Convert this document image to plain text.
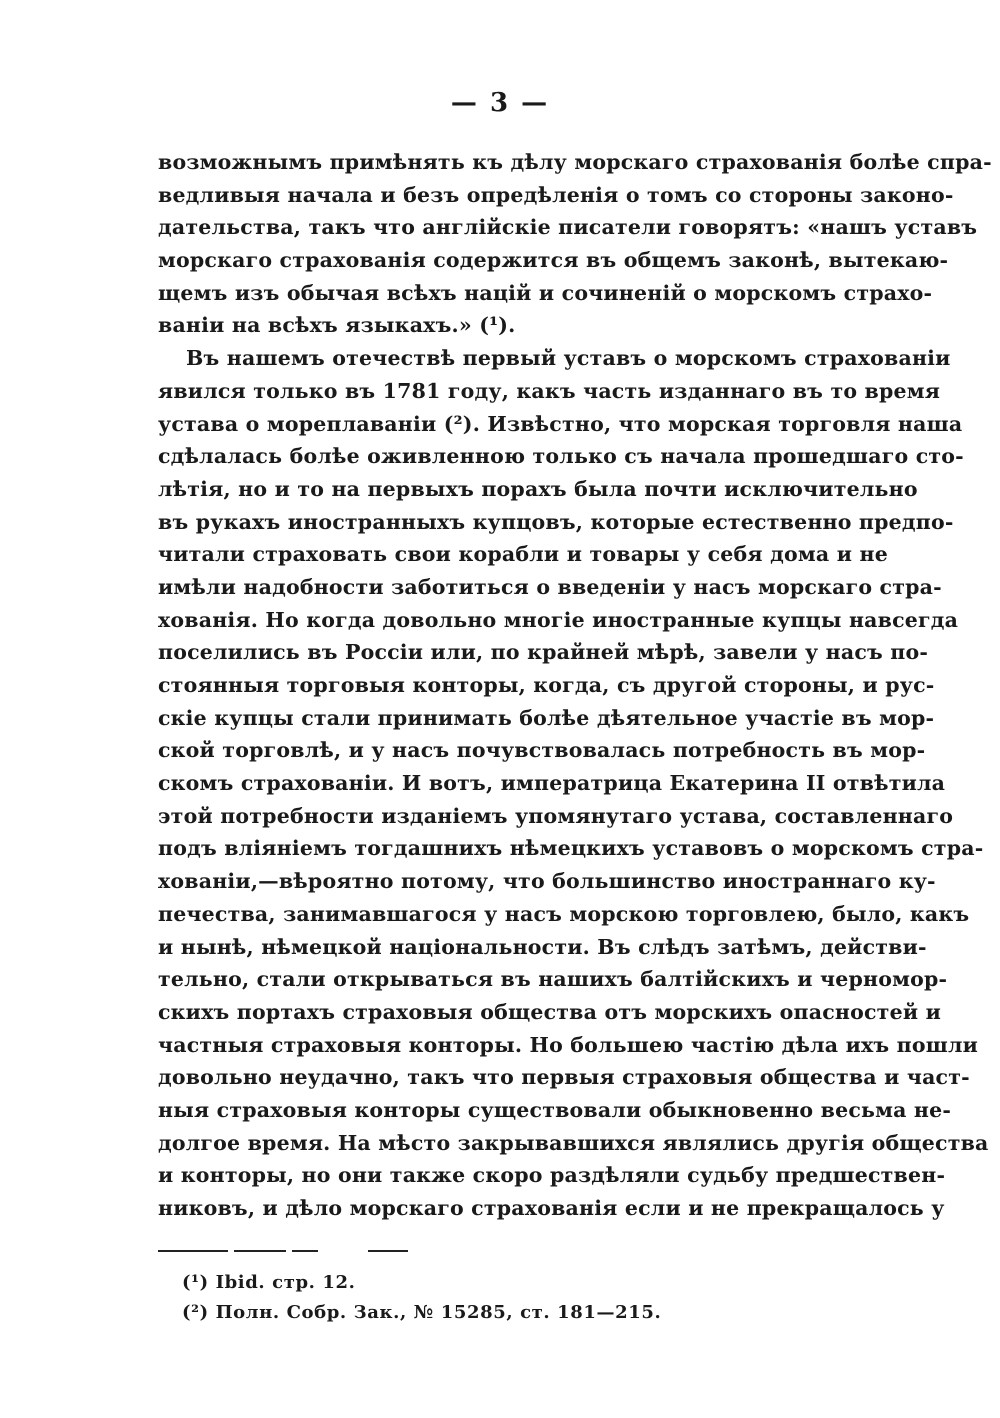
— 3 —
возможнымъ примѣнять къ дѣлу морскаго страхованія болѣе спра-
ведливыя начала и безъ опредѣленія о томъ со стороны законо-
дательства, такъ что англійскіе писатели говорятъ: «нашъ уставъ
морскаго страхованія содержится въ общемъ законѣ, вытекаю-
щемъ изъ обычая всѣхъ націй и сочиненій о морскомъ страхо-
ваніи на всѣхъ языкахъ.» (¹).
Въ нашемъ отечествѣ первый уставъ о морскомъ страхованіи
явился только въ 1781 году, какъ часть изданнаго въ то время
устава о мореплаваніи (²). Извѣстно, что морская торговля наша
сдѣлалась болѣе оживленною только съ начала прошедшаго сто-
лѣтія, но и то на первыхъ порахъ была почти исключительно
въ рукахъ иностранныхъ купцовъ, которые естественно предпо-
читали страховать свои корабли и товары у себя дома и не
имѣли надобности заботиться о введеніи у насъ морскаго стра-
хованія. Но когда довольно многіе иностранные купцы навсегда
поселились въ Россіи или, по крайней мѣрѣ, завели у насъ по-
стоянныя торговыя конторы, когда, съ другой стороны, и рус-
скіе купцы стали принимать болѣе дѣятельное участіе въ мор-
ской торговлѣ, и у насъ почувствовалась потребность въ мор-
скомъ страхованіи. И вотъ, императрица Екатерина II отвѣтила
этой потребности изданіемъ упомянутаго устава, составленнаго
подъ вліяніемъ тогдашнихъ нѣмецкихъ уставовъ о морскомъ стра-
хованіи,—вѣроятно потому, что большинство иностраннаго ку-
печества, занимавшагося у насъ морскою торговлею, было, какъ
и нынѣ, нѣмецкой національности. Въ слѣдъ затѣмъ, действи-
тельно, стали открываться въ нашихъ балтійскихъ и черномор-
скихъ портахъ страховыя общества отъ морскихъ опасностей и
частныя страховыя конторы. Но большею частію дѣла ихъ пошли
довольно неудачно, такъ что первыя страховыя общества и част-
ныя страховыя конторы существовали обыкновенно весьма не-
долгое время. На мѣсто закрывавшихся являлись другія общества
и конторы, но они также скоро раздѣляли судьбу предшествен-
никовъ, и дѣло морскаго страхованія если и не прекращалось у
(¹) Ibid. стр. 12.
(²) Полн. Собр. Зак., № 15285, ст. 181—215.
